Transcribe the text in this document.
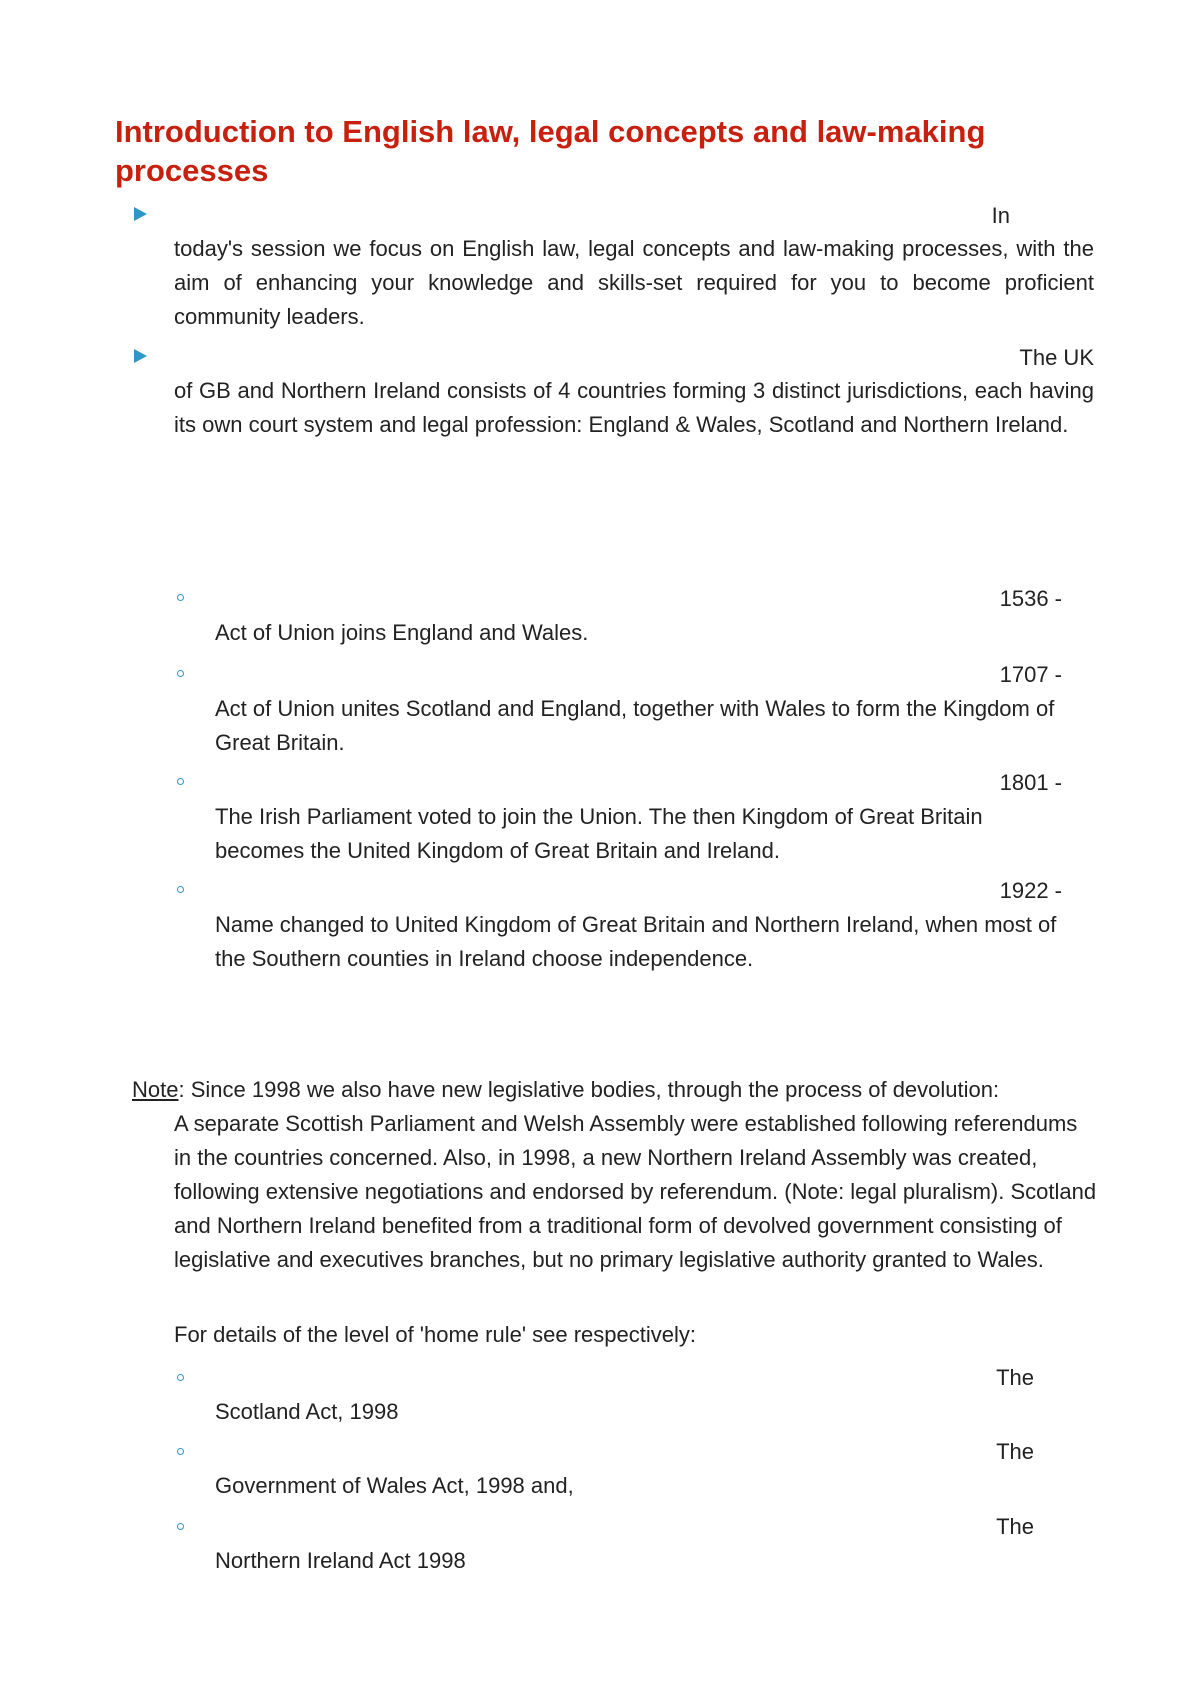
Introduction to English law, legal concepts and law-making processes
In
today's session we focus on English law, legal concepts and law-making processes, with the aim of enhancing your knowledge and skills-set required for you to become proficient community leaders.
The UK
of GB and Northern Ireland consists of 4 countries forming 3 distinct jurisdictions, each having its own court system and legal profession: England & Wales, Scotland and Northern Ireland.
1536 -
Act of Union joins England and Wales.
1707 -
Act of Union unites Scotland and England, together with Wales to form the Kingdom of Great Britain.
1801 -
The Irish Parliament voted to join the Union. The then Kingdom of Great Britain becomes the United Kingdom of Great Britain and Ireland.
1922 -
Name changed to United Kingdom of Great Britain and Northern Ireland, when most of the Southern counties in Ireland choose independence.
Note: Since 1998 we also have new legislative bodies, through the process of devolution:
A separate Scottish Parliament and Welsh Assembly were established following referendums in the countries concerned. Also, in 1998, a new Northern Ireland Assembly was created, following extensive negotiations and endorsed by referendum. (Note: legal pluralism). Scotland and Northern Ireland benefited from a traditional form of devolved government consisting of legislative and executives branches, but no primary legislative authority granted to Wales.
For details of the level of 'home rule' see respectively:
The
Scotland Act, 1998
The
Government of Wales Act, 1998 and,
The
Northern Ireland Act 1998
